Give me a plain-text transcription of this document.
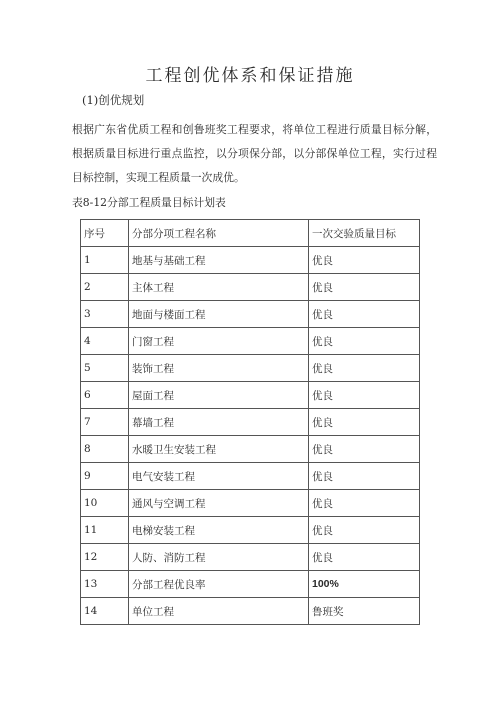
工程创优体系和保证措施
(1)创优规划
根据广东省优质工程和创鲁班奖工程要求，将单位工程进行质量目标分解，根据质量目标进行重点监控，以分项保分部，以分部保单位工程，实行过程目标控制，实现工程质量一次成优。
表8-12分部工程质量目标计划表
序号	分部分项工程名称	一次交验质量目标
1	地基与基础工程	优良
2	主体工程	优良
3	地面与楼面工程	优良
4	门窗工程	优良
5	装饰工程	优良
6	屋面工程	优良
7	幕墙工程	优良
8	水暖卫生安装工程	优良
9	电气安装工程	优良
10	通风与空调工程	优良
11	电梯安装工程	优良
12	人防、消防工程	优良
13	分部工程优良率	100%
14	单位工程	鲁班奖
